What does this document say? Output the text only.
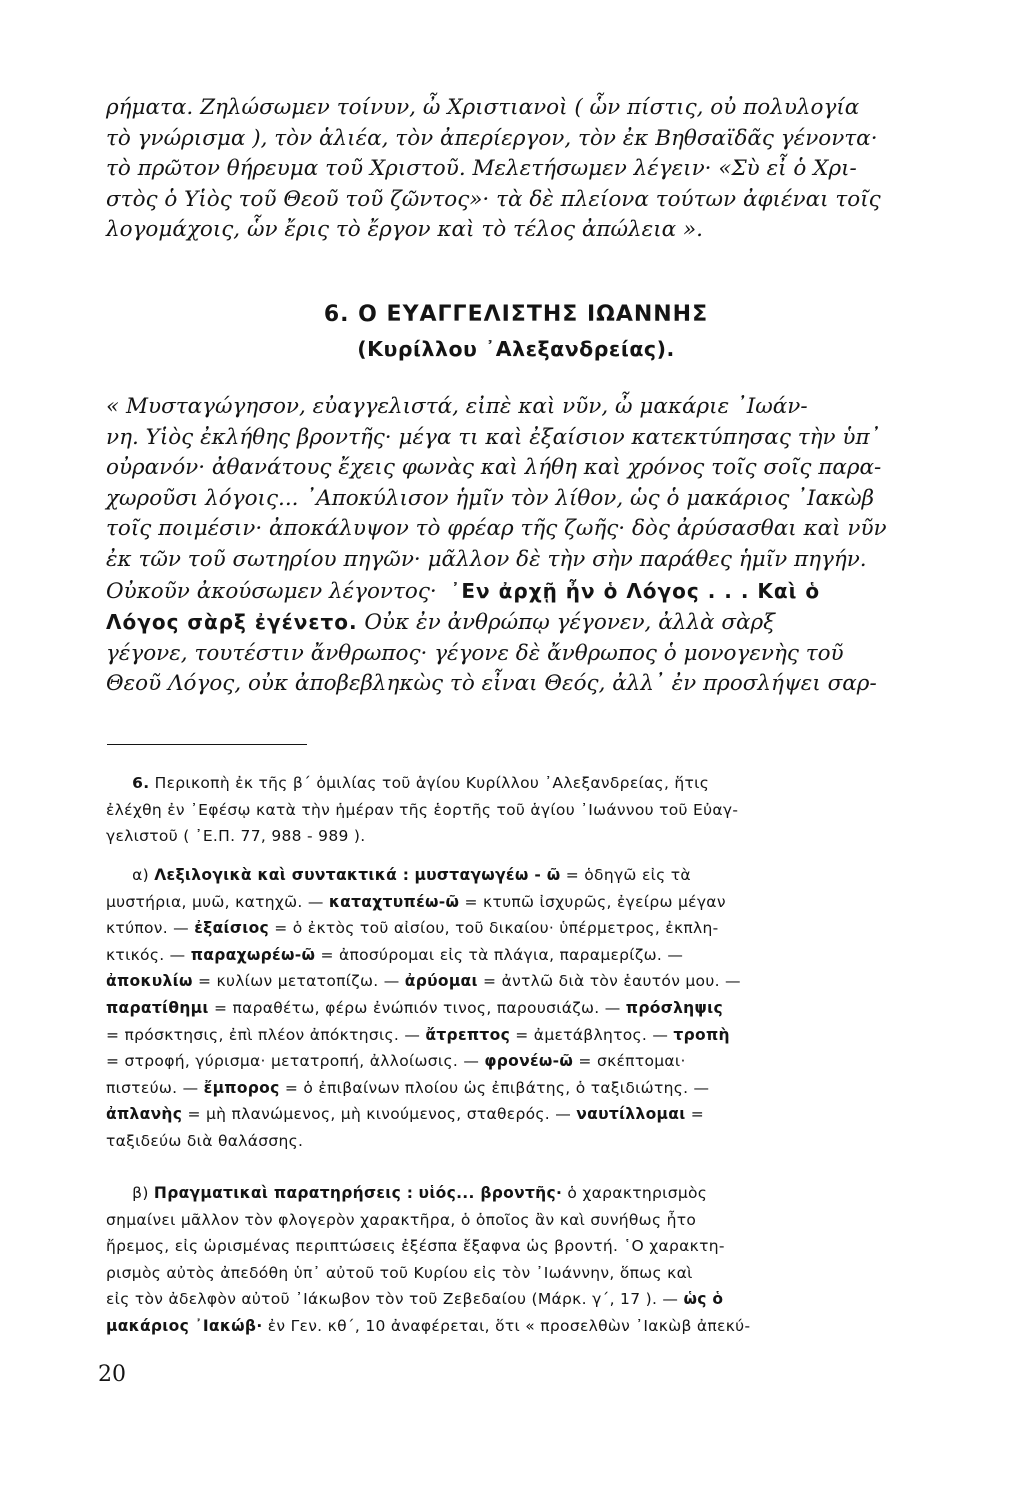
ρήματα. Ζηλώσωμεν τοίνυν, ὦ Χριστιανοὶ ( ὧν πίστις, οὐ πολυλογία
τὸ γνώρισμα ), τὸν ἁλιέα, τὸν ἀπερίεργον, τὸν ἐκ Βηθσαϊδᾶς γένοντα·
τὸ πρῶτον θήρευμα τοῦ Χριστοῦ. Μελετήσωμεν λέγειν· «Σὺ εἶ ὁ Χρι-
στὸς ὁ Υἱὸς τοῦ Θεοῦ τοῦ ζῶντος»· τὰ δὲ πλείονα τούτων ἀφιέναι τοῖς
λογομάχοις, ὧν ἔρις τὸ ἔργον καὶ τὸ τέλος ἀπώλεια ».
6. Ο ΕΥΑΓΓΕΛΙΣΤΗΣ ΙΩΑΝΝΗΣ
(Κυρίλλου ᾿Αλεξανδρείας).
« Μυσταγώγησον, εὐαγγελιστά, εἰπὲ καὶ νῦν, ὦ μακάριε ᾿Ιωάν-
νη. Υἱὸς ἐκλήθης βροντῆς· μέγα τι καὶ ἐξαίσιον κατεκτύπησας τὴν ὑπ᾿
οὐρανόν· ἀθανάτους ἔχεις φωνὰς καὶ λήθη καὶ χρόνος τοῖς σοῖς παρα-
χωροῦσι λόγοις... ᾿Αποκύλισον ἡμῖν τὸν λίθον, ὡς ὁ μακάριος ᾿Ιακὼβ
τοῖς ποιμέσιν· ἀποκάλυψον τὸ φρέαρ τῆς ζωῆς· δὸς ἀρύσασθαι καὶ νῦν
ἐκ τῶν τοῦ σωτηρίου πηγῶν· μᾶλλον δὲ τὴν σὴν παράθες ἡμῖν πηγήν.
Οὐκοῦν ἀκούσωμεν λέγοντος· ᾿Εν ἀρχῇ ἦν ὁ Λόγος . . . Καὶ ὁ
Λόγος σὰρξ ἐγένετο. Οὐκ ἐν ἀνθρώπῳ γέγονεν, ἀλλὰ σὰρξ
γέγονε, τουτέστιν ἄνθρωπος· γέγονε δὲ ἄνθρωπος ὁ μονογενὴς τοῦ
Θεοῦ Λόγος, οὐκ ἀποβεβληκὼς τὸ εἶναι Θεός, ἀλλ᾿ ἐν προσλήψει σαρ-
6. Περικοπὴ ἐκ τῆς β΄ ὁμιλίας τοῦ ἁγίου Κυρίλλου ᾿Αλεξανδρείας, ἥτις
ἐλέχθη ἐν ᾿Εφέσῳ κατὰ τὴν ἡμέραν τῆς ἑορτῆς τοῦ ἁγίου ᾿Ιωάννου τοῦ Εὐαγ-
γελιστοῦ ( ᾿Ε.Π. 77, 988 - 989 ).
α) Λεξιλογικὰ καὶ συντακτικά : μυσταγωγέω - ῶ = ὁδηγῶ εἰς τὰ
μυστήρια, μυῶ, κατηχῶ. — καταχτυπέω-ῶ = κτυπῶ ἰσχυρῶς, ἐγείρω μέγαν
κτύπον. — ἐξαίσιος = ὁ ἐκτὸς τοῦ αἰσίου, τοῦ δικαίου· ὑπέρμετρος, ἐκπλη-
κτικός. — παραχωρέω-ῶ = ἀποσύρομαι εἰς τὰ πλάγια, παραμερίζω. —
ἀποκυλίω = κυλίων μετατοπίζω. — ἀρύομαι = ἀντλῶ διὰ τὸν ἑαυτόν μου. —
παρατίθημι = παραθέτω, φέρω ἐνώπιόν τινος, παρουσιάζω. — πρόσληψις
= πρόσκτησις, ἐπὶ πλέον ἀπόκτησις. — ἄτρεπτος = ἀμετάβλητος. — τροπὴ
= στροφή, γύρισμα· μετατροπή, ἀλλοίωσις. — φρονέω-ῶ = σκέπτομαι·
πιστεύω. — ἔμπορος = ὁ ἐπιβαίνων πλοίου ὡς ἐπιβάτης, ὁ ταξιδιώτης. —
ἀπλανὴς = μὴ πλανώμενος, μὴ κινούμενος, σταθερός. — ναυτίλλομαι =
ταξιδεύω διὰ θαλάσσης.
β) Πραγματικαὶ παρατηρήσεις : υἱός... βροντῆς· ὁ χαρακτηρισμὸς
σημαίνει μᾶλλον τὸν φλογερὸν χαρακτῆρα, ὁ ὁποῖος ἂν καὶ συνήθως ἦτο
ἤρεμος, εἰς ὡρισμένας περιπτώσεις ἐξέσπα ἔξαφνα ὡς βροντή. ῾Ο χαρακτη-
ρισμὸς αὐτὸς ἀπεδόθη ὑπ᾿ αὐτοῦ τοῦ Κυρίου εἰς τὸν ᾿Ιωάννην, ὅπως καὶ
εἰς τὸν ἀδελφὸν αὐτοῦ ᾿Ιάκωβον τὸν τοῦ Ζεβεδαίου (Μάρκ. γ΄, 17 ). — ὡς ὁ
μακάριος ᾿Ιακώβ· ἐν Γεν. κθ΄, 10 ἀναφέρεται, ὅτι « προσελθὼν ᾿Ιακὼβ ἀπεκύ-
20
